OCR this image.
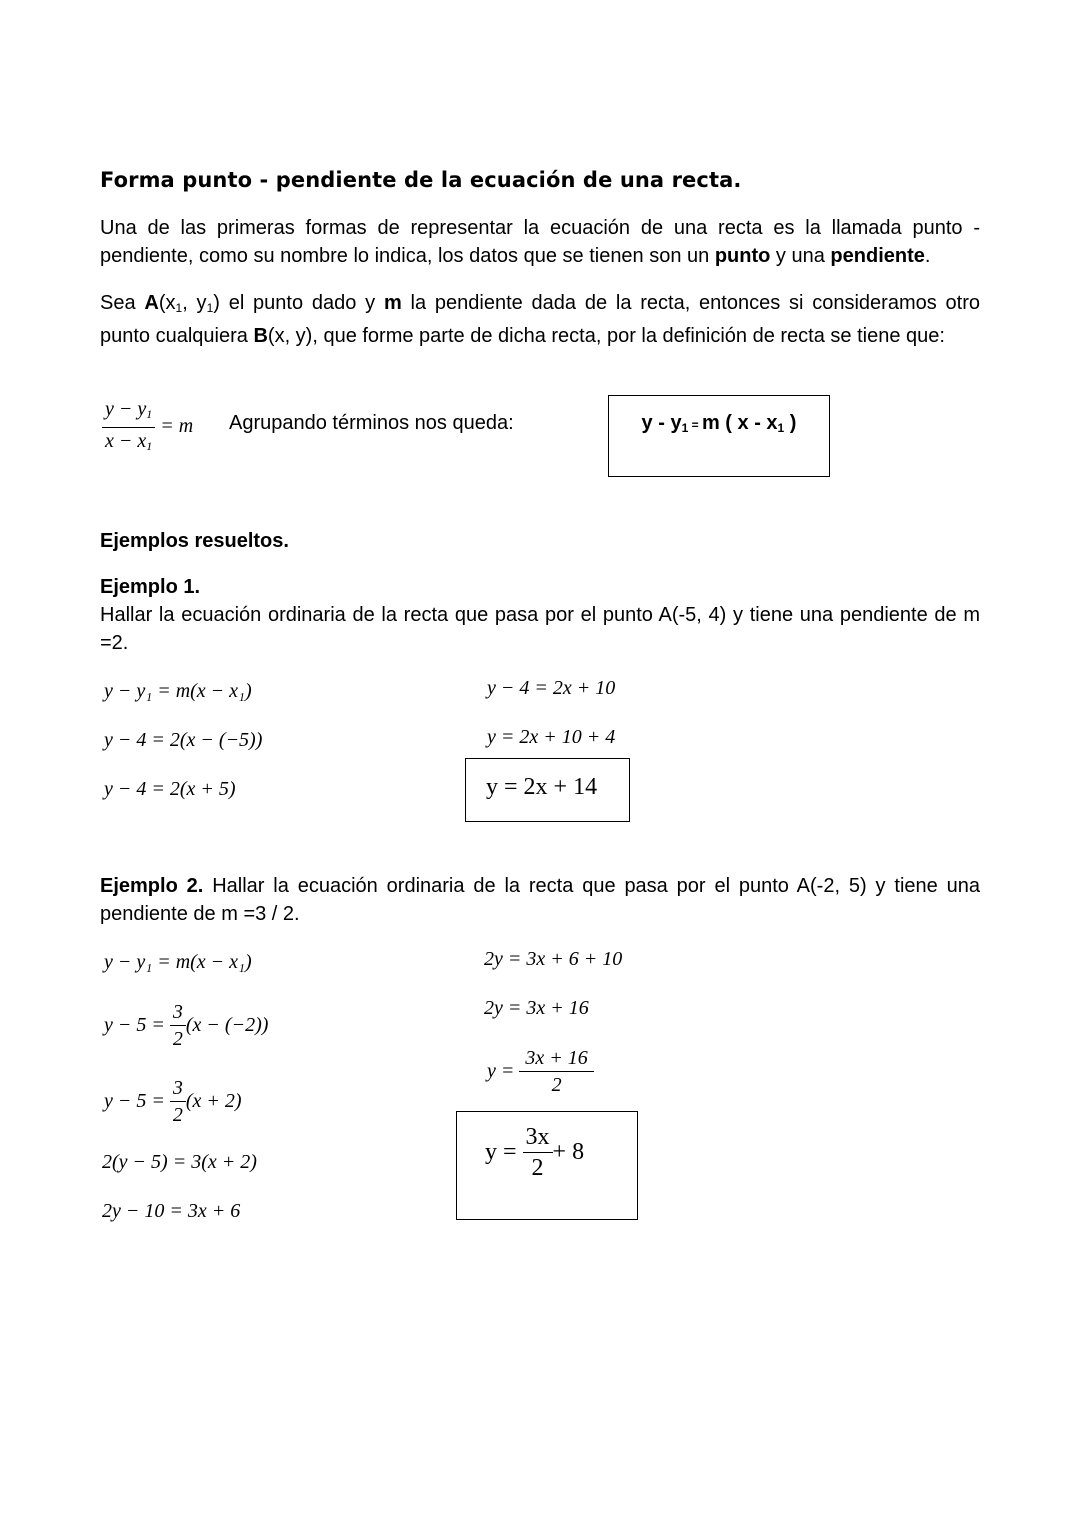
Forma punto - pendiente de la ecuación de una recta.
Una de las primeras formas de representar la ecuación de una recta es la llamada punto - pendiente, como su nombre lo indica, los datos que se tienen son un punto y una pendiente.
Sea $A(x_1$, $y_1$) el punto dado y m la pendiente dada de la recta, entonces si consideramos otro punto cualquiera B(x, y), que forme parte de dicha recta, por la definición de recta se tiene que:
$\frac{y - y_1}{x - x_1} = m$ Agrupando términos nos queda:	$y - y_1 = m$ ( x - $x_1$ )
Ejemplos resueltos.
Ejemplo 1.
Hallar la ecuación ordinaria de la recta que pasa por el punto A(-5, 4) y tiene una pendiente de m =2.
y − y₁ = m(x − x₁)
y − 4 = 2(x − (−5))
y − 4 = 2(x + 5)
y − 4 = 2x + 10
y = 2x + 10 + 4
y = 2x + 14
Ejemplo 2. Hallar la ecuación ordinaria de la recta que pasa por el punto A(-2, 5) y tiene una pendiente de m =3 / 2.
y − y₁ = m(x − x₁)
$y - 5 = \frac{3}{2} (x - (-2))$
$y - 5 = \frac{3}{2} (x + 2)$
2(y − 5) = 3(x + 2)
2y − 10 = 3x + 6
2y = 3x + 6 + 10
2y = 3x + 16
$y = \frac{3x + 16}{2}$
$y = \frac{3x}{2} + 8$
